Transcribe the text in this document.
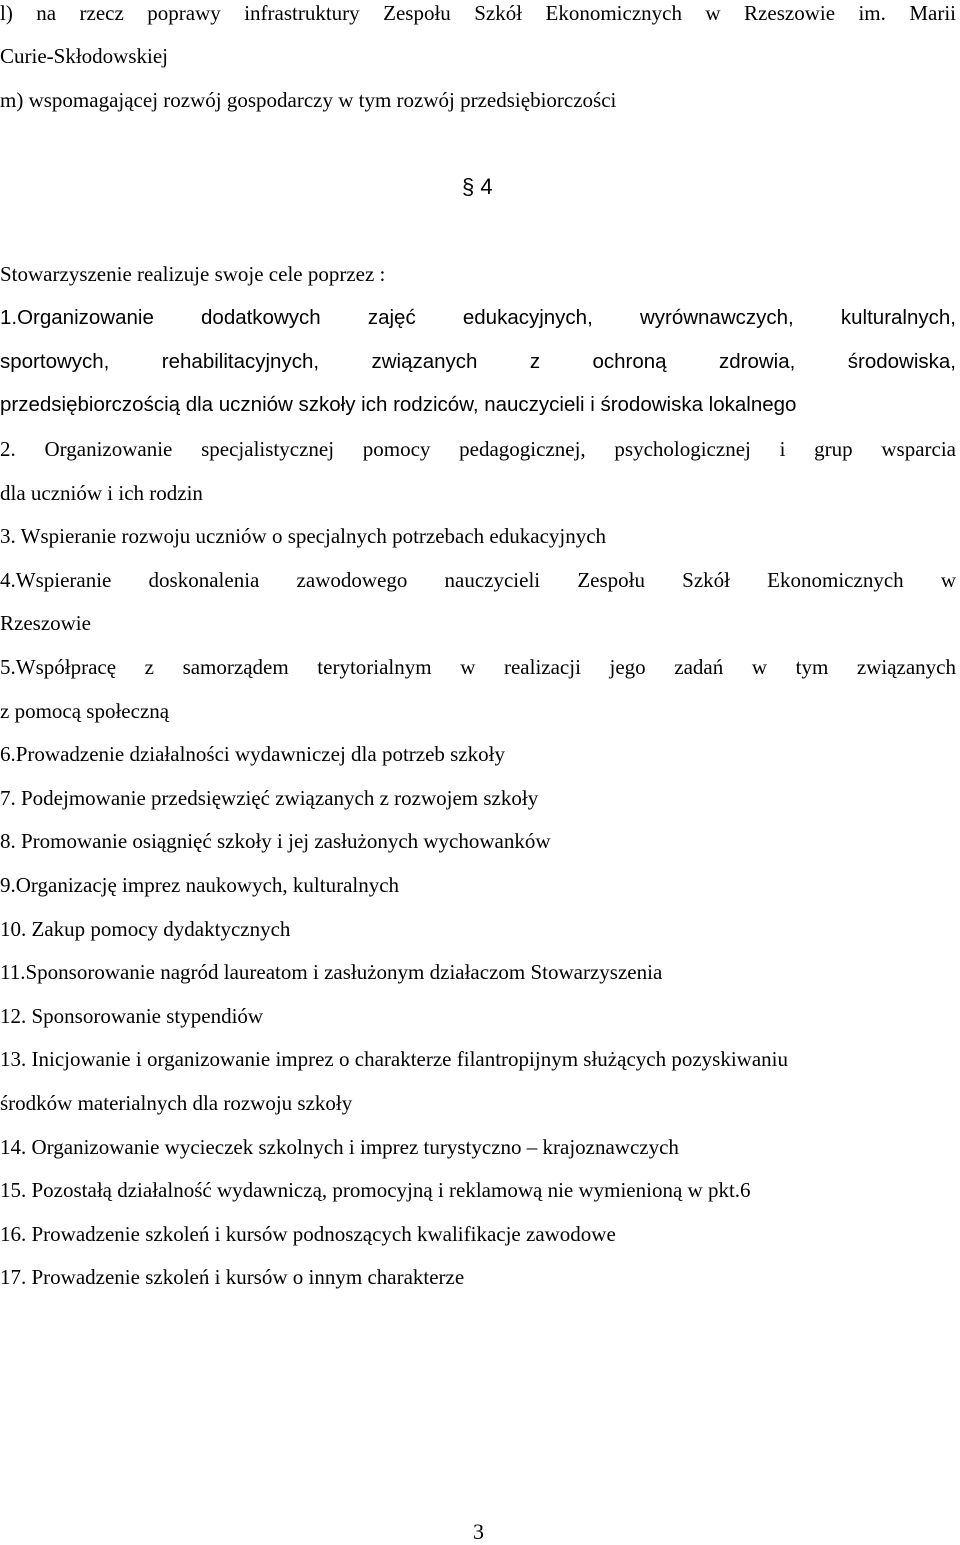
l) na rzecz poprawy infrastruktury Zespołu Szkół Ekonomicznych w Rzeszowie im. Marii
Curie-Skłodowskiej
m) wspomagającej rozwój gospodarczy w tym rozwój przedsiębiorczości
§ 4
Stowarzyszenie realizuje swoje cele poprzez :
1.Organizowanie dodatkowych zajęć edukacyjnych, wyrównawczych, kulturalnych,
sportowych, rehabilitacyjnych, związanych z ochroną zdrowia, środowiska,
przedsiębiorczością dla uczniów szkoły ich rodziców, nauczycieli i środowiska lokalnego
2. Organizowanie specjalistycznej pomocy pedagogicznej, psychologicznej i grup wsparcia
dla uczniów i ich rodzin
3. Wspieranie rozwoju uczniów o specjalnych potrzebach edukacyjnych
4.Wspieranie doskonalenia zawodowego nauczycieli Zespołu Szkół Ekonomicznych w
Rzeszowie
5.Współpracę z samorządem terytorialnym w realizacji jego zadań w tym związanych
z pomocą społeczną
6.Prowadzenie działalności wydawniczej dla potrzeb szkoły
7. Podejmowanie przedsięwzięć związanych z rozwojem szkoły
8. Promowanie osiągnięć szkoły i jej zasłużonych wychowanków
9.Organizację imprez naukowych, kulturalnych
10. Zakup pomocy dydaktycznych
11.Sponsorowanie nagród laureatom i zasłużonym działaczom Stowarzyszenia
12. Sponsorowanie stypendiów
13. Inicjowanie i organizowanie imprez o charakterze filantropijnym służących pozyskiwaniu
środków materialnych dla rozwoju szkoły
14. Organizowanie wycieczek szkolnych i imprez turystyczno – krajoznawczych
15. Pozostałą działalność wydawniczą, promocyjną i reklamową nie wymienioną w pkt.6
16. Prowadzenie szkoleń i kursów podnoszących kwalifikacje zawodowe
17. Prowadzenie szkoleń i kursów o innym charakterze
3
